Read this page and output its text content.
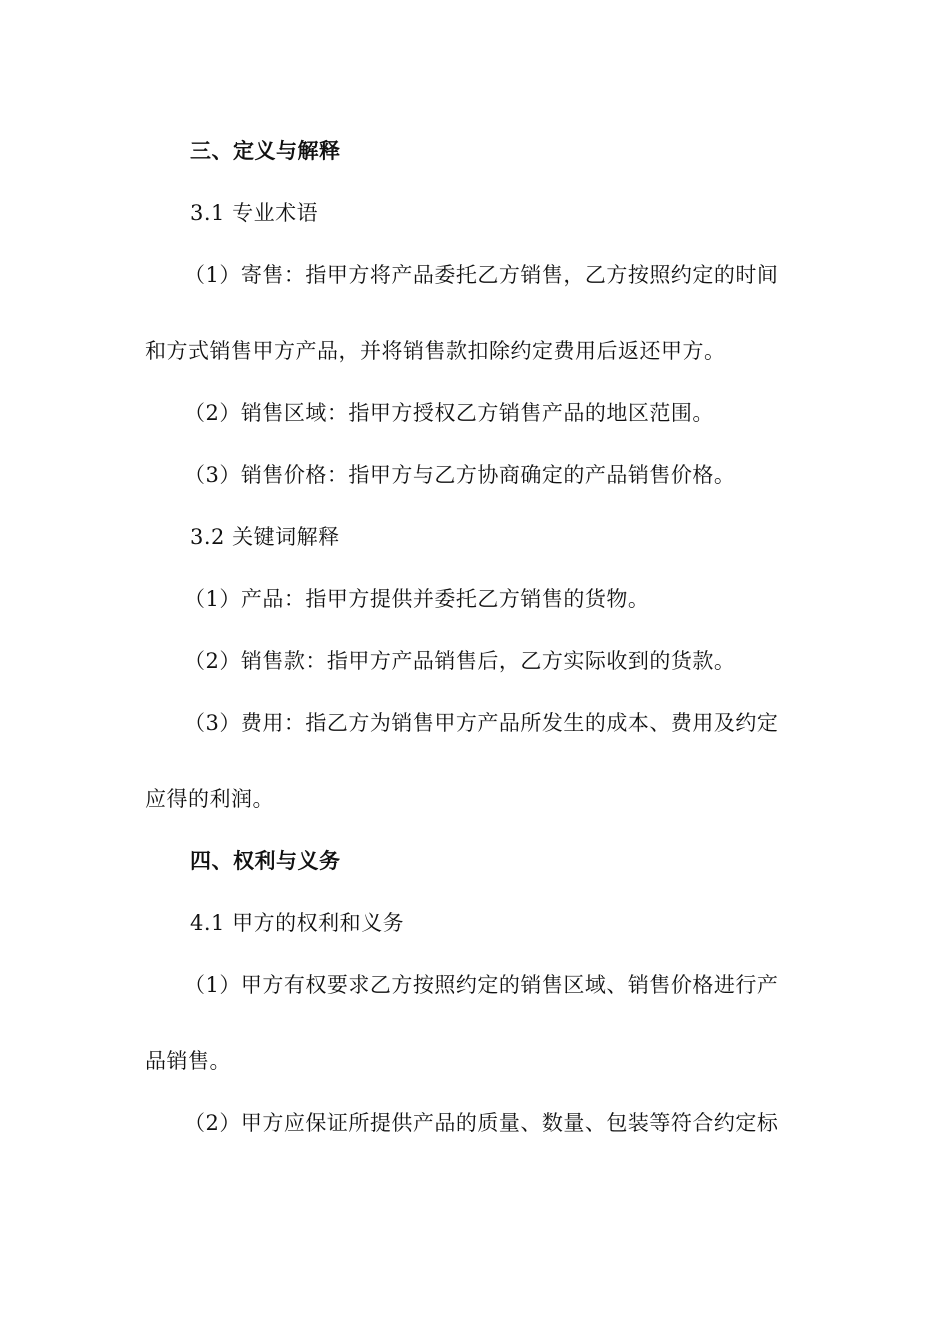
三、定义与解释
3.1 专业术语
（1）寄售：指甲方将产品委托乙方销售，乙方按照约定的时间
和方式销售甲方产品，并将销售款扣除约定费用后返还甲方。
（2）销售区域：指甲方授权乙方销售产品的地区范围。
（3）销售价格：指甲方与乙方协商确定的产品销售价格。
3.2 关键词解释
（1）产品：指甲方提供并委托乙方销售的货物。
（2）销售款：指甲方产品销售后，乙方实际收到的货款。
（3）费用：指乙方为销售甲方产品所发生的成本、费用及约定
应得的利润。
四、权利与义务
4.1 甲方的权利和义务
（1）甲方有权要求乙方按照约定的销售区域、销售价格进行产
品销售。
（2）甲方应保证所提供产品的质量、数量、包装等符合约定标
